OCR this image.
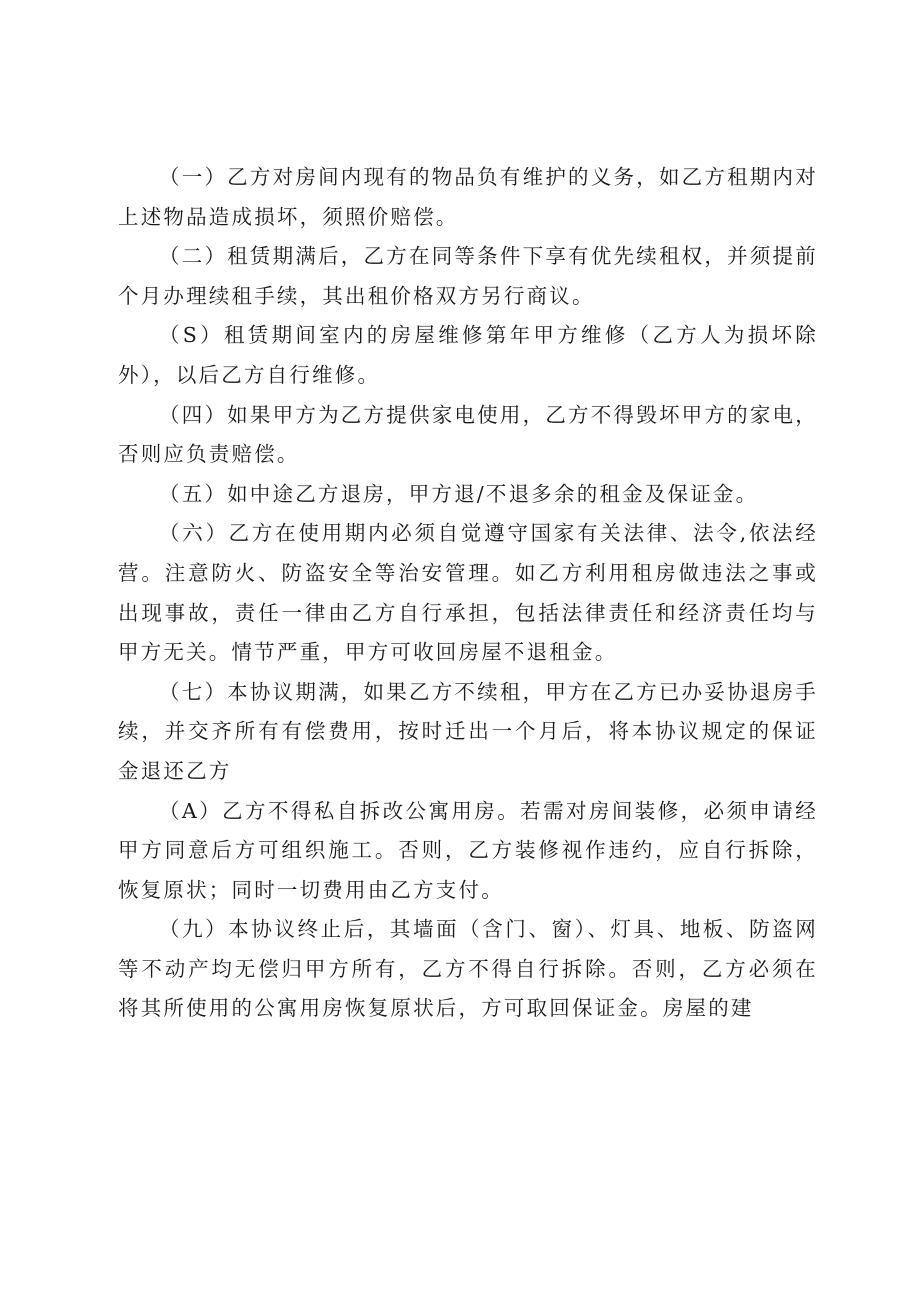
（一）乙方对房间内现有的物品负有维护的义务，如乙方租期内对上述物品造成损坏，须照价赔偿。

（二）租赁期满后，乙方在同等条件下享有优先续租权，并须提前个月办理续租手续，其出租价格双方另行商议。

（S）租赁期间室内的房屋维修第年甲方维修（乙方人为损坏除外），以后乙方自行维修。

（四）如果甲方为乙方提供家电使用，乙方不得毁坏甲方的家电，否则应负责赔偿。

（五）如中途乙方退房，甲方退/不退多余的租金及保证金。

（六）乙方在使用期内必须自觉遵守国家有关法律、法令,依法经营。注意防火、防盗安全等治安管理。如乙方利用租房做违法之事或出现事故，责任一律由乙方自行承担，包括法律责任和经济责任均与甲方无关。情节严重，甲方可收回房屋不退租金。

（七）本协议期满，如果乙方不续租，甲方在乙方已办妥协退房手续，并交齐所有有偿费用，按时迁出一个月后，将本协议规定的保证金退还乙方

（A）乙方不得私自拆改公寓用房。若需对房间装修，必须申请经甲方同意后方可组织施工。否则，乙方装修视作违约，应自行拆除，恢复原状；同时一切费用由乙方支付。

（九）本协议终止后，其墙面（含门、窗）、灯具、地板、防盗网等不动产均无偿归甲方所有，乙方不得自行拆除。否则，乙方必须在将其所使用的公寓用房恢复原状后，方可取回保证金。房屋的建
